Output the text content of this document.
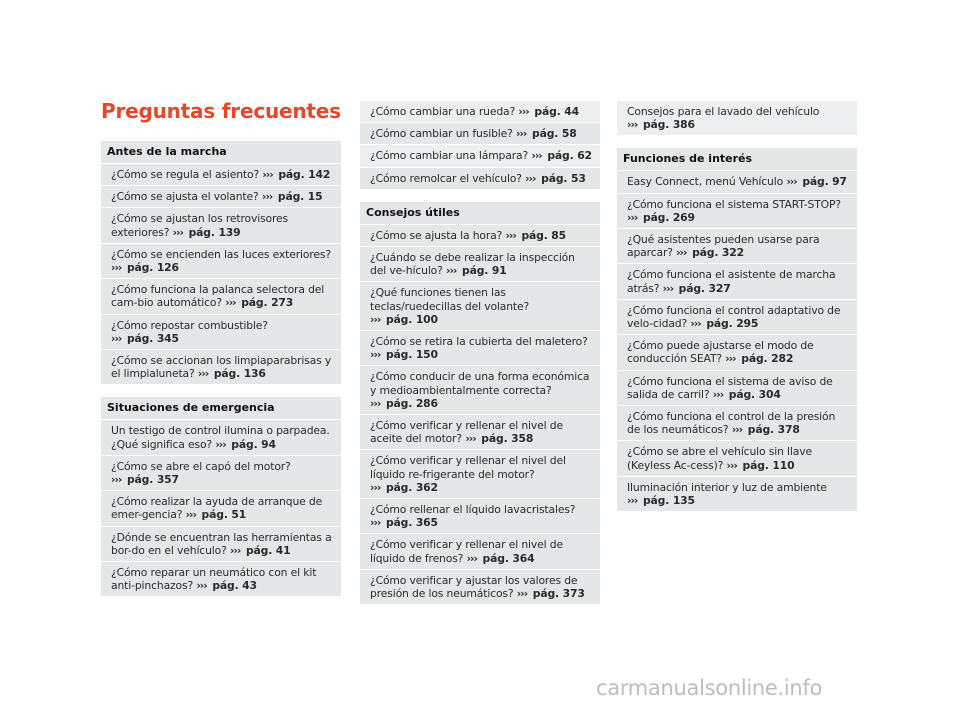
Preguntas frecuentes
Antes de la marcha
¿Cómo se regula el asiento? ››› pág. 142
¿Cómo se ajusta el volante? ››› pág. 15
¿Cómo se ajustan los retrovisores exteriores? ››› pág. 139
¿Cómo se encienden las luces exteriores? ››› pág. 126
¿Cómo funciona la palanca selectora del cam-bio automático? ››› pág. 273
¿Cómo repostar combustible? ››› pág. 345
¿Cómo se accionan los limpiaparabrisas y el limpialuneta? ››› pág. 136
Situaciones de emergencia
Un testigo de control ilumina o parpadea. ¿Qué significa eso? ››› pág. 94
¿Cómo se abre el capó del motor? ››› pág. 357
¿Cómo realizar la ayuda de arranque de emer-gencia? ››› pág. 51
¿Dónde se encuentran las herramientas a bor-do en el vehículo? ››› pág. 41
¿Cómo reparar un neumático con el kit anti-pinchazos? ››› pág. 43
¿Cómo cambiar una rueda? ››› pág. 44
¿Cómo cambiar un fusible? ››› pág. 58
¿Cómo cambiar una lámpara? ››› pág. 62
¿Cómo remolcar el vehículo? ››› pág. 53
Consejos útiles
¿Cómo se ajusta la hora? ››› pág. 85
¿Cuándo se debe realizar la inspección del ve-hículo? ››› pág. 91
¿Qué funciones tienen las teclas/ruedecillas del volante? ››› pág. 100
¿Cómo se retira la cubierta del maletero? ››› pág. 150
¿Cómo conducir de una forma económica y medioambientalmente correcta? ››› pág. 286
¿Cómo verificar y rellenar el nivel de aceite del motor? ››› pág. 358
¿Cómo verificar y rellenar el nivel del líquido re-frigerante del motor? ››› pág. 362
¿Cómo rellenar el líquido lavacristales? ››› pág. 365
¿Cómo verificar y rellenar el nivel de líquido de frenos? ››› pág. 364
¿Cómo verificar y ajustar los valores de presión de los neumáticos? ››› pág. 373
Consejos para el lavado del vehículo ››› pág. 386
Funciones de interés
Easy Connect, menú Vehículo ››› pág. 97
¿Cómo funciona el sistema START-STOP? ››› pág. 269
¿Qué asistentes pueden usarse para aparcar? ››› pág. 322
¿Cómo funciona el asistente de marcha atrás? ››› pág. 327
¿Cómo funciona el control adaptativo de velo-cidad? ››› pág. 295
¿Cómo puede ajustarse el modo de conducción SEAT? ››› pág. 282
¿Cómo funciona el sistema de aviso de salida de carril? ››› pág. 304
¿Cómo funciona el control de la presión de los neumáticos? ››› pág. 378
¿Cómo se abre el vehículo sin llave (Keyless Ac-cess)? ››› pág. 110
Iluminación interior y luz de ambiente ››› pág. 135
carmanualsonline.info
